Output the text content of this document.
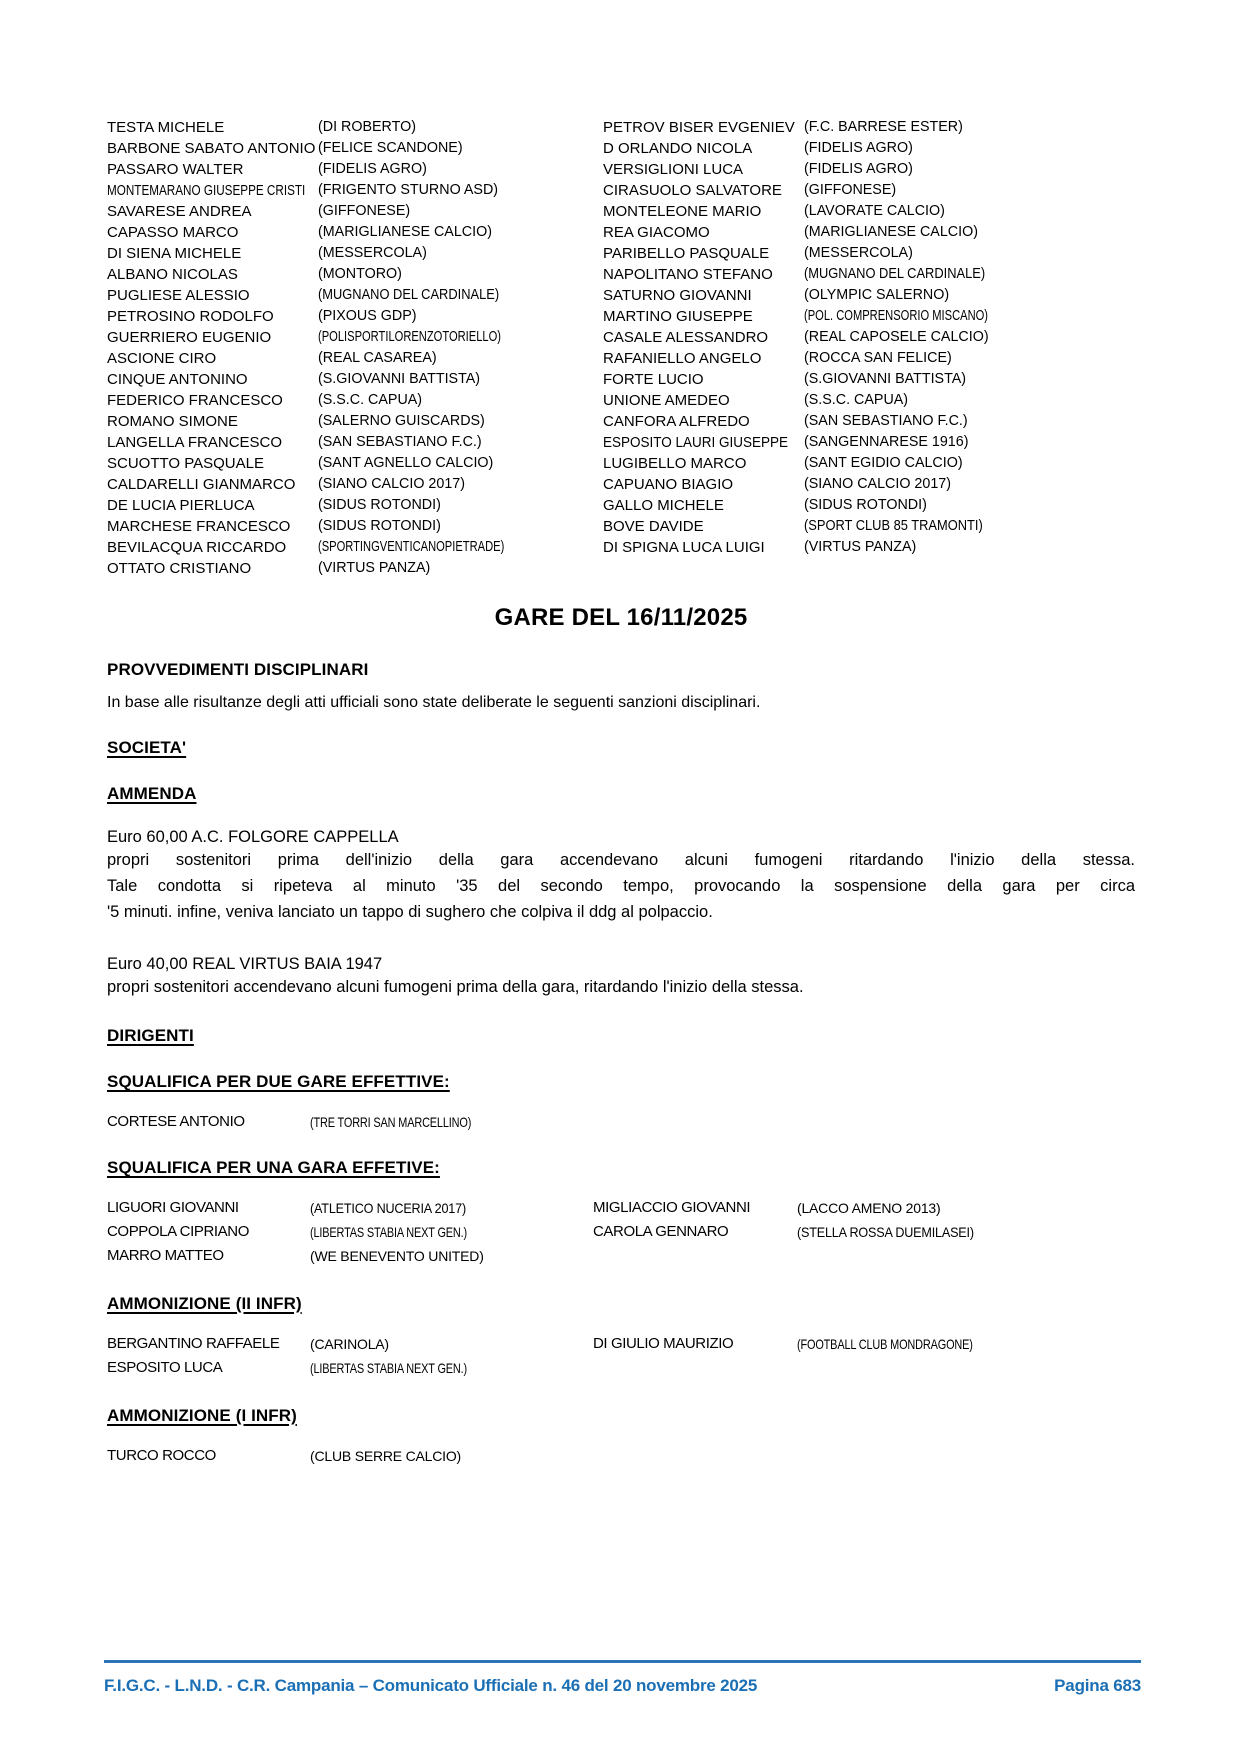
TESTA MICHELE	(DI ROBERTO)
BARBONE SABATO ANTONIO (FELICE SCANDONE)
PASSARO WALTER	(FIDELIS AGRO)
MONTEMARANO GIUSEPPE CRISTI (FRIGENTO STURNO ASD)
SAVARESE ANDREA	(GIFFONESE)
CAPASSO MARCO	(MARIGLIANESE CALCIO)
DI SIENA MICHELE	(MESSERCOLA)
ALBANO NICOLAS	(MONTORO)
PUGLIESE ALESSIO	(MUGNANO DEL CARDINALE)
PETROSINO RODOLFO	(PIXOUS GDP)
GUERRIERO EUGENIO	(POLISPORTILORENZOTORIELLO)
ASCIONE CIRO	(REAL CASAREA)
CINQUE ANTONINO	(S.GIOVANNI BATTISTA)
FEDERICO FRANCESCO	(S.S.C. CAPUA)
ROMANO SIMONE	(SALERNO GUISCARDS)
LANGELLA FRANCESCO	(SAN SEBASTIANO F.C.)
SCUOTTO PASQUALE	(SANT AGNELLO CALCIO)
CALDARELLI GIANMARCO	(SIANO CALCIO 2017)
DE LUCIA PIERLUCA	(SIDUS ROTONDI)
MARCHESE FRANCESCO	(SIDUS ROTONDI)
BEVILACQUA RICCARDO	(SPORTINGVENTICANOPIETRADE)
OTTATO CRISTIANO	(VIRTUS PANZA)
PETROV BISER EVGENIEV (F.C. BARRESE ESTER)
D ORLANDO NICOLA	(FIDELIS AGRO)
VERSIGLIONI LUCA	(FIDELIS AGRO)
CIRASUOLO SALVATORE	(GIFFONESE)
MONTELEONE MARIO	(LAVORATE CALCIO)
REA GIACOMO	(MARIGLIANESE CALCIO)
PARIBELLO PASQUALE	(MESSERCOLA)
NAPOLITANO STEFANO	(MUGNANO DEL CARDINALE)
SATURNO GIOVANNI	(OLYMPIC SALERNO)
MARTINO GIUSEPPE	(POL. COMPRENSORIO MISCANO)
CASALE ALESSANDRO	(REAL CAPOSELE CALCIO)
RAFANIELLO ANGELO	(ROCCA SAN FELICE)
FORTE LUCIO	(S.GIOVANNI BATTISTA)
UNIONE AMEDEO	(S.S.C. CAPUA)
CANFORA ALFREDO	(SAN SEBASTIANO F.C.)
ESPOSITO LAURI GIUSEPPE	(SANGENNARESE 1916)
LUGIBELLO MARCO	(SANT EGIDIO CALCIO)
CAPUANO BIAGIO	(SIANO CALCIO 2017)
GALLO MICHELE	(SIDUS ROTONDI)
BOVE DAVIDE	(SPORT CLUB 85 TRAMONTI)
DI SPIGNA LUCA LUIGI	(VIRTUS PANZA)
GARE DEL 16/11/2025
PROVVEDIMENTI DISCIPLINARI

In base alle risultanze degli atti ufficiali sono state deliberate le seguenti sanzioni disciplinari.

SOCIETA'
AMMENDA

Euro 60,00 A.C. FOLGORE CAPPELLA

propri sostenitori prima dell'inizio della gara accendevano alcuni fumogeni ritardando l'inizio della stessa.
Tale condotta si ripeteva al minuto '35 del secondo tempo, provocando la sospensione della gara per circa
'5 minuti. infine, veniva lanciato un tappo di sughero che colpiva il ddg al polpaccio.

Euro 40,00 REAL VIRTUS BAIA 1947

propri sostenitori accendevano alcuni fumogeni prima della gara, ritardando l'inizio della stessa.
DIRIGENTI
SQUALIFICA PER DUE GARE EFFETTIVE:
CORTESE ANTONIO	(TRE TORRI SAN MARCELLINO)
SQUALIFICA PER UNA GARA EFFETIVE:
LIGUORI GIOVANNI	(ATLETICO NUCERIA 2017)	MIGLIACCIO GIOVANNI	(LACCO AMENO 2013)
COPPOLA CIPRIANO	(LIBERTAS STABIA NEXT GEN.)	CAROLA GENNARO	(STELLA ROSSA DUEMILASEI)
MARRO MATTEO	(WE BENEVENTO UNITED)
AMMONIZIONE (II INFR)
BERGANTINO RAFFAELE	(CARINOLA)	DI GIULIO MAURIZIO	(FOOTBALL CLUB MONDRAGONE)
ESPOSITO LUCA	(LIBERTAS STABIA NEXT GEN.)
AMMONIZIONE (I INFR)
TURCO ROCCO	(CLUB SERRE CALCIO)
F.I.G.C. - L.N.D. - C.R. Campania – Comunicato Ufficiale n. 46 del 20 novembre 2025	Pagina 683
